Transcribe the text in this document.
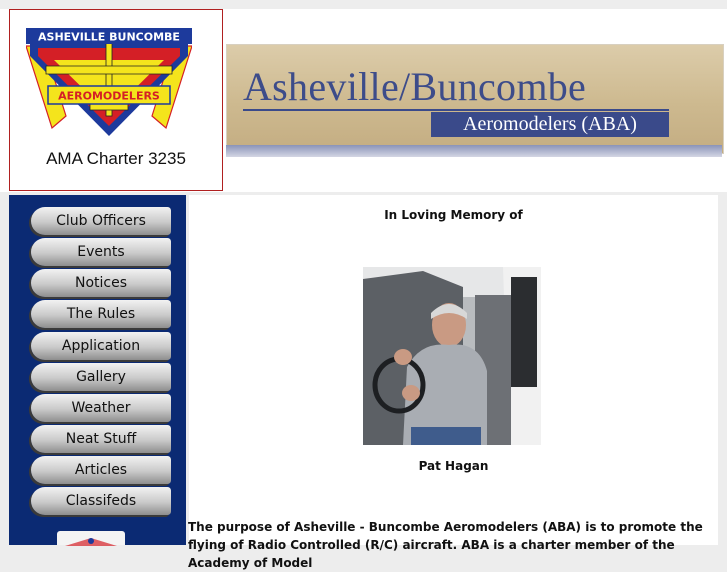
ASHEVILLE BUNCOMBE
AEROMODELERS
AMA Charter 3235
Asheville/Buncombe
Aeromodelers (ABA)
Club Officers
Events
Notices
The Rules
Application
Gallery
Weather
Neat Stuff
Articles
Classifeds
In Loving Memory of
Pat Hagan
The purpose of Asheville - Buncombe Aeromodelers (ABA) is to promote the flying of Radio Controlled (R/C) aircraft. ABA is a charter member of the Academy of Model
